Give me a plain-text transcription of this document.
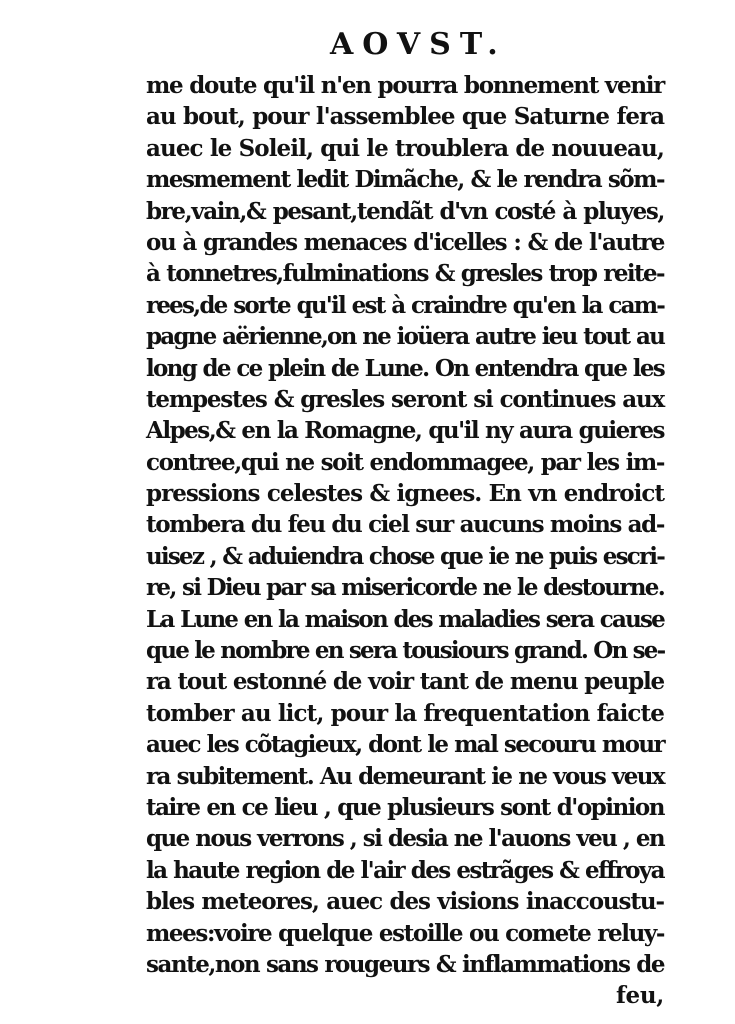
AOVST.
me doute qu'il n'en pourra bonnement venir
au bout, pour l'assemblee que Saturne fera
auec le Soleil, qui le troublera de nouueau,
mesmement ledit Dimãche, & le rendra sõm-
bre,vain,& pesant,tendãt d'vn costé à pluyes,
ou à grandes menaces d'icelles : & de l'autre
à tonnetres,fulminations & gresles trop reite-
rees,de sorte qu'il est à craindre qu'en la cam-
pagne aërienne,on ne ioüera autre ieu tout au
long de ce plein de Lune. On entendra que les
tempestes & gresles seront si continues aux
Alpes,& en la Romagne, qu'il ny aura guieres
contree,qui ne soit endommagee, par les im-
pressions celestes & ignees. En vn endroict
tombera du feu du ciel sur aucuns moins ad-
uisez , & aduiendra chose que ie ne puis escri-
re, si Dieu par sa misericorde ne le destourne.
La Lune en la maison des maladies sera cause
que le nombre en sera tousiours grand. On se-
ra tout estonné de voir tant de menu peuple
tomber au lict, pour la frequentation faicte
auec les cõtagieux, dont le mal secouru mour
ra subitement. Au demeurant ie ne vous veux
taire en ce lieu , que plusieurs sont d'opinion
que nous verrons , si desia ne l'auons veu , en
la haute region de l'air des estrãges & effroya
bles meteores, auec des visions inaccoustu-
mees:voire quelque estoille ou comete reluy-
sante,non sans rougeurs & inflammations de
feu,
